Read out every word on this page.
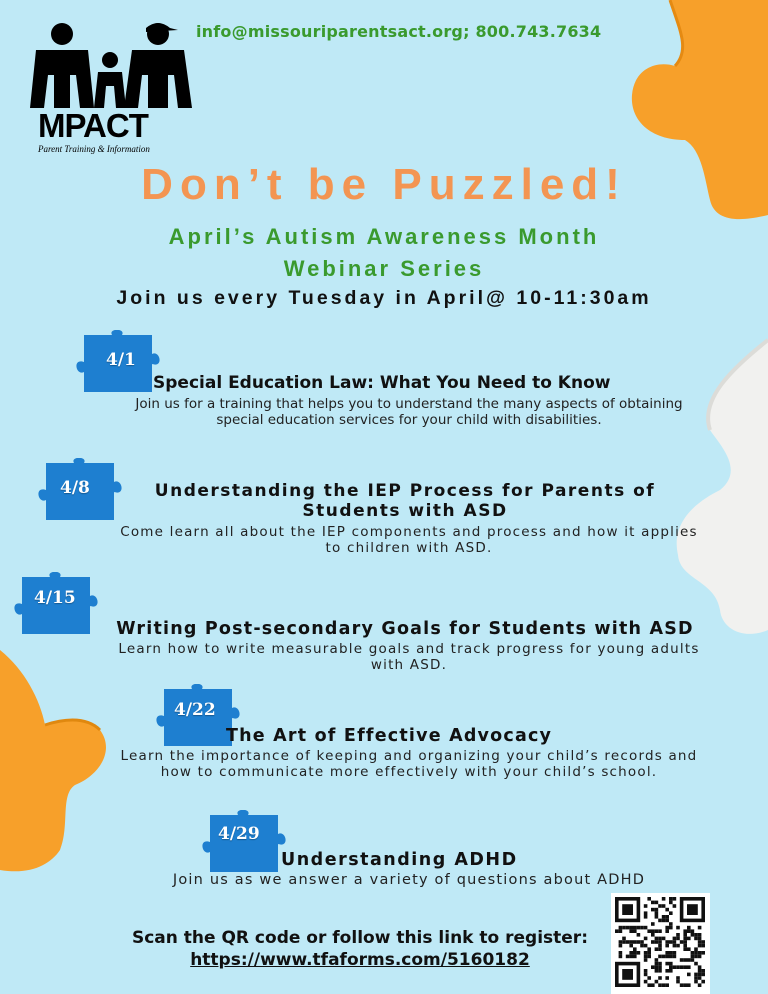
info@missouriparentsact.org; 800.743.7634
MPACT
Parent Training & Information
Don’t be Puzzled!
April’s Autism Awareness Month
Webinar Series
Join us every Tuesday in April@ 10-11:30am
4/1
Special Education Law: What You Need to Know
Join us for a training that helps you to understand the many aspects of obtaining
special education services for your child with disabilities.
4/8	Understanding the IEP Process for Parents of
Students with ASD
Come learn all about the IEP components and process and how it applies
to children with ASD.
4/15
Writing Post-secondary Goals for Students with ASD
Learn how to write measurable goals and track progress for young adults
with ASD.
4/22
The Art of Effective Advocacy
Learn the importance of keeping and organizing your child’s records and
how to communicate more effectively with your child’s school.
4/29
Understanding ADHD
Join us as we answer a variety of questions about ADHD
Scan the QR code or follow this link to register:
https://www.tfaforms.com/5160182
